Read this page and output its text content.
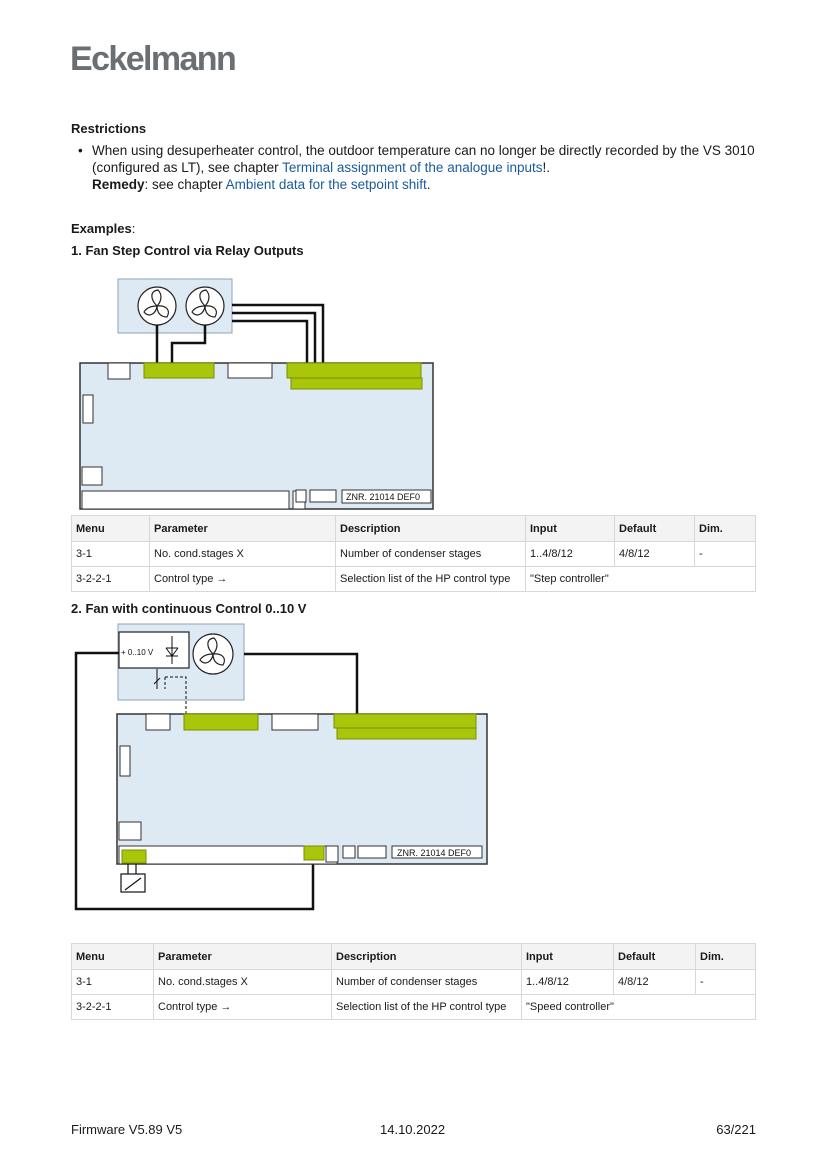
Eckelmann
Restrictions
• When using desuperheater control, the outdoor temperature can no longer be directly recorded by the VS 3010 (configured as LT), see chapter Terminal assignment of the analogue inputs!.
Remedy: see chapter Ambient data for the setpoint shift.
Examples:
1. Fan Step Control via Relay Outputs
ZNR. 21014 DEF0
Menu	Parameter	Description	Input	Default	Dim.
3-1	No. cond.stages X	Number of condenser stages	1..4/8/12	4/8/12	-
3-2-2-1	Control type →	Selection list of the HP control type	"Step controller"		
2. Fan with continuous Control 0..10 V
+ 0..10 V
ZNR. 21014 DEF0
Menu	Parameter	Description	Input	Default	Dim.
3-1	No. cond.stages X	Number of condenser stages	1..4/8/12	4/8/12	-
3-2-2-1	Control type →	Selection list of the HP control type	"Speed controller"		
Firmware V5.89 V5	14.10.2022	63/221
